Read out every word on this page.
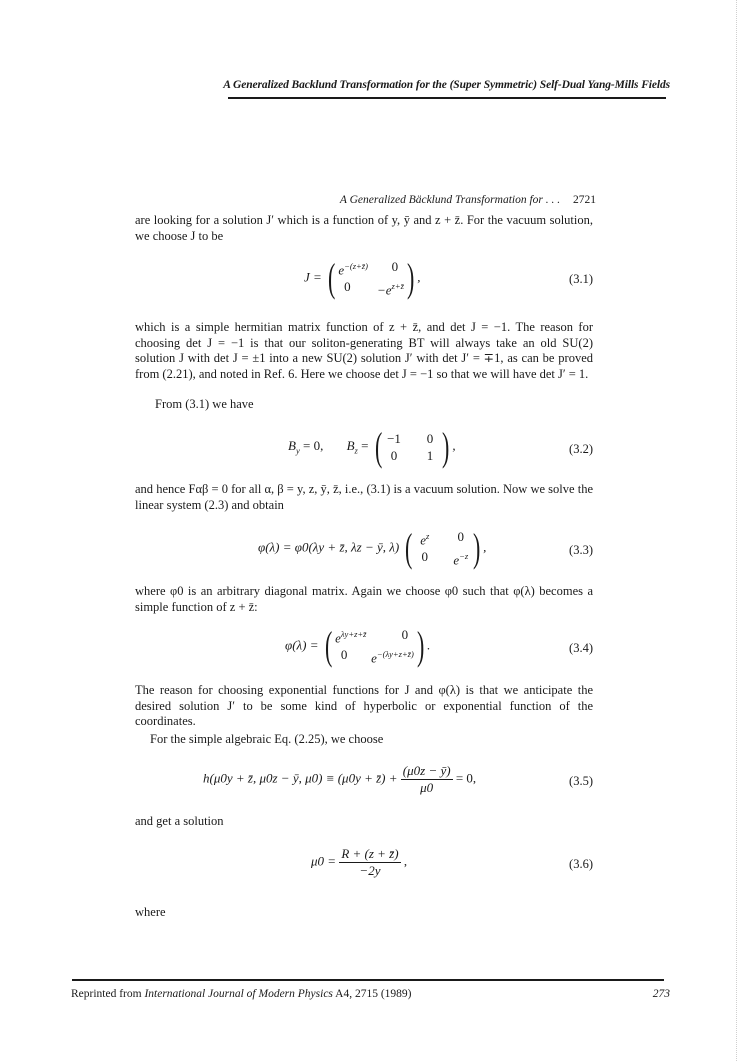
A Generalized Backlund Transformation for the (Super Symmetric) Self-Dual Yang-Mills Fields
A Generalized Bäcklund Transformation for . . . 2721
are looking for a solution J′ which is a function of y, ȳ and z + z̄. For the vacuum solution, we choose J to be
J = ( $e^{-(z+z̄)}$	0
0	$-e^{z+z̄}$ ) ,	(3.1)
which is a simple hermitian matrix function of z + z̄, and det J = −1. The reason for choosing det J = −1 is that our soliton-generating BT will always take an old SU(2) solution J with det J = ±1 into a new SU(2) solution J′ with det J′ = ∓1, as can be proved from (2.21), and noted in Ref. 6. Here we choose det J = −1 so that we will have det J′ = 1.
From (3.1) we have
$B_y = 0$, $B_z$ = ( −1	0
0	1 ) ,	(3.2)
and hence Fαβ = 0 for all α, β = y, z, ȳ, z̄, i.e., (3.1) is a vacuum solution. Now we solve the linear system (2.3) and obtain
φ(λ) = φ0(λy + z̄, λz − ȳ, λ) ( $e^z$	0
0	$e^{-z}$ ) ,	(3.3)
where φ0 is an arbitrary diagonal matrix. Again we choose φ0 such that φ(λ) becomes a simple function of z + z̄:
φ(λ) = ( $e^{\lambda y+z+z̄}$	0
0	$e^{-(\lambda y+z+z̄)}$ ) .	(3.4)
The reason for choosing exponential functions for J and φ(λ) is that we anticipate the desired solution J′ to be some kind of hyperbolic or exponential function of the coordinates.
For the simple algebraic Eq. (2.25), we choose
h(μ0y + z̄, μ0z − ȳ, μ0) ≡ (μ0y + z̄) + $\frac{(\mu 0z - ȳ)}{\mu 0} = 0$,	(3.5)
and get a solution
$\mu 0 = \frac{R + (z + z̄)}{-2y}$ ,	(3.6)
where
Reprinted from International Journal of Modern Physics A4, 2715 (1989)	273
